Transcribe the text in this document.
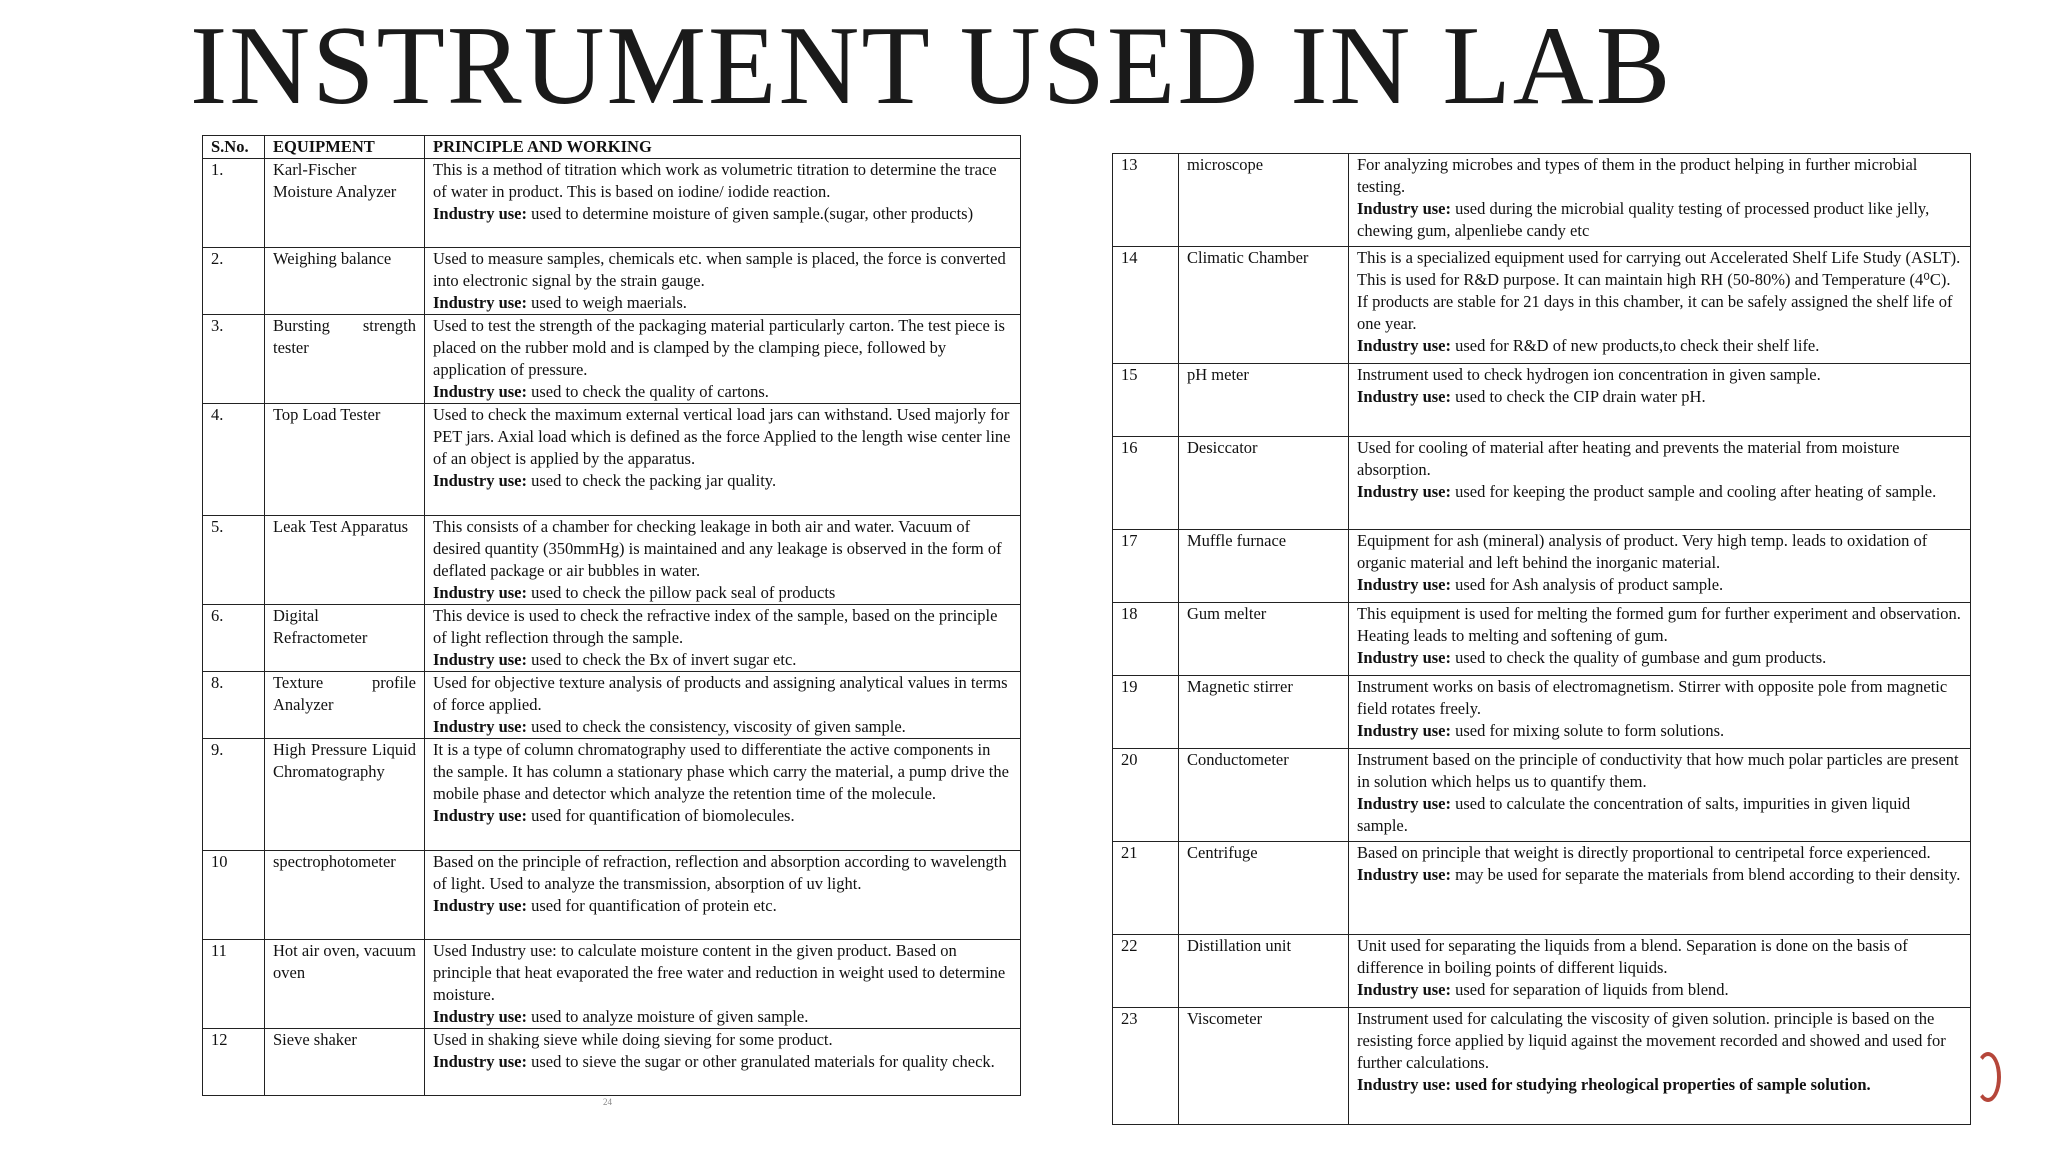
INSTRUMENT USED IN LAB
S.No.	EQUIPMENT	PRINCIPLE AND WORKING
1.	Karl-Fischer Moisture Analyzer	This is a method of titration which work as volumetric titration to determine the trace of water in product. This is based on iodine/ iodide reaction.
Industry use: used to determine moisture of given sample.(sugar, other products)
2.	Weighing balance	Used to measure samples, chemicals etc. when sample is placed, the force is converted into electronic signal by the strain gauge.
Industry use: used to weigh maerials.
3.	Bursting strength tester	Used to test the strength of the packaging material particularly carton. The test piece is placed on the rubber mold and is clamped by the clamping piece, followed by application of pressure.
Industry use: used to check the quality of cartons.
4.	Top Load Tester	Used to check the maximum external vertical load jars can withstand. Used majorly for PET jars. Axial load which is defined as the force Applied to the length wise center line of an object is applied by the apparatus.
Industry use: used to check the packing jar quality.
5.	Leak Test Apparatus	This consists of a chamber for checking leakage in both air and water. Vacuum of desired quantity (350mmHg) is maintained and any leakage is observed in the form of deflated package or air bubbles in water.
Industry use: used to check the pillow pack seal of products
6.	Digital Refractometer	This device is used to check the refractive index of the sample, based on the principle of light reflection through the sample.
Industry use: used to check the Bx of invert sugar etc.
8.	Texture profile Analyzer	Used for objective texture analysis of products and assigning analytical values in terms of force applied.
Industry use: used to check the consistency, viscosity of given sample.
9.	High Pressure Liquid Chromatography	It is a type of column chromatography used to differentiate the active components in the sample. It has column a stationary phase which carry the material, a pump drive the mobile phase and detector which analyze the retention time of the molecule.
Industry use: used for quantification of biomolecules.
10	spectrophotometer	Based on the principle of refraction, reflection and absorption according to wavelength of light. Used to analyze the transmission, absorption of uv light.
Industry use: used for quantification of protein etc.
11	Hot air oven, vacuum oven	Used Industry use: to calculate moisture content in the given product. Based on principle that heat evaporated the free water and reduction in weight used to determine moisture.
Industry use: used to analyze moisture of given sample.
12	Sieve shaker	Used in shaking sieve while doing sieving for some product.
Industry use: used to sieve the sugar or other granulated materials for quality check.
13	microscope	For analyzing microbes and types of them in the product helping in further microbial testing.
Industry use: used during the microbial quality testing of processed product like jelly, chewing gum, alpenliebe candy etc
14	Climatic Chamber	This is a specialized equipment used for carrying out Accelerated Shelf Life Study (ASLT). This is used for R&D purpose. It can maintain high RH (50-80%) and Temperature (4⁰C). If products are stable for 21 days in this chamber, it can be safely assigned the shelf life of one year.
Industry use: used for R&D of new products,to check their shelf life.
15	pH meter	Instrument used to check hydrogen ion concentration in given sample.
Industry use: used to check the CIP drain water pH.
16	Desiccator	Used for cooling of material after heating and prevents the material from moisture absorption.
Industry use: used for keeping the product sample and cooling after heating of sample.
17	Muffle furnace	Equipment for ash (mineral) analysis of product. Very high temp. leads to oxidation of organic material and left behind the inorganic material.
Industry use: used for Ash analysis of product sample.
18	Gum melter	This equipment is used for melting the formed gum for further experiment and observation. Heating leads to melting and softening of gum.
Industry use: used to check the quality of gumbase and gum products.
19	Magnetic stirrer	Instrument works on basis of electromagnetism. Stirrer with opposite pole from magnetic field rotates freely.
Industry use: used for mixing solute to form solutions.
20	Conductometer	Instrument based on the principle of conductivity that how much polar particles are present in solution which helps us to quantify them.
Industry use: used to calculate the concentration of salts, impurities in given liquid sample.
21	Centrifuge	Based on principle that weight is directly proportional to centripetal force experienced.
Industry use: may be used for separate the materials from blend according to their density.
22	Distillation unit	Unit used for separating the liquids from a blend. Separation is done on the basis of difference in boiling points of different liquids.
Industry use: used for separation of liquids from blend.
23	Viscometer	Instrument used for calculating the viscosity of given solution. principle is based on the resisting force applied by liquid against the movement recorded and showed and used for further calculations.
Industry use: used for studying rheological properties of sample solution.
24
